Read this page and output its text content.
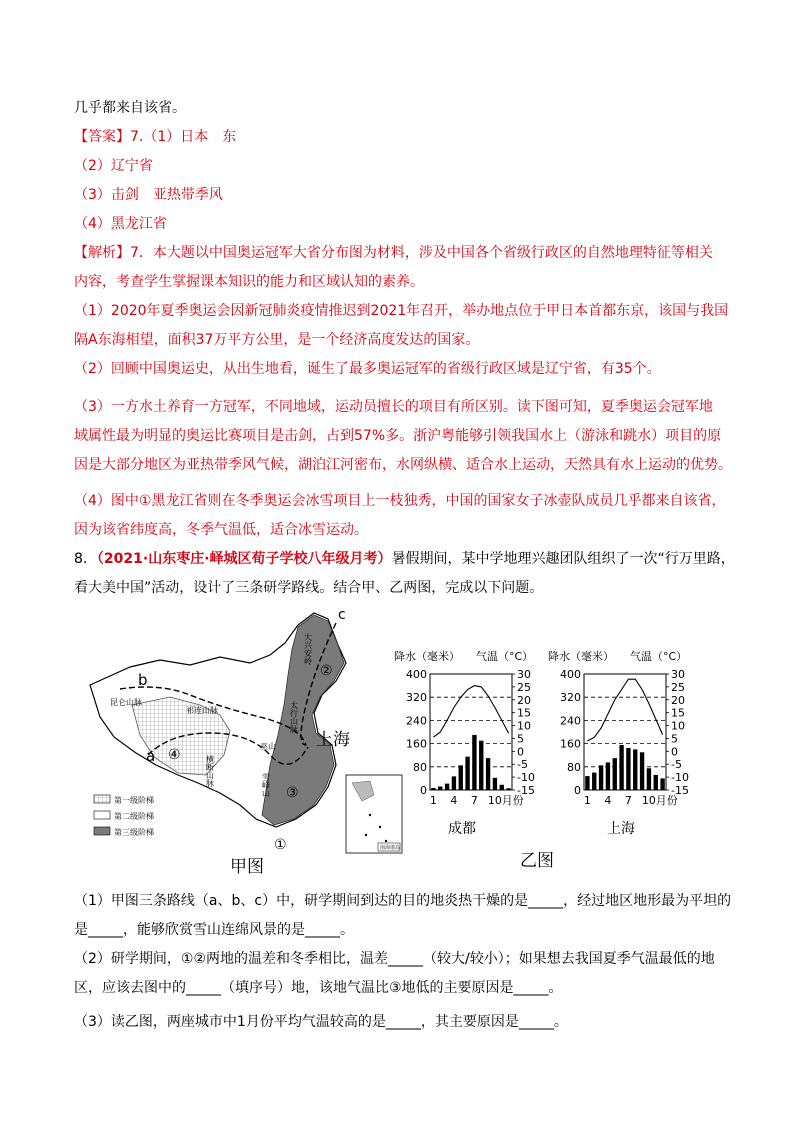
几乎都来自该省。
【答案】7.（1）日本　东
（2）辽宁省
（3）击剑　亚热带季风
（4）黑龙江省
【解析】7．本大题以中国奥运冠军大省分布图为材料，涉及中国各个省级行政区的自然地理特征等相关
内容，考查学生掌握课本知识的能力和区域认知的素养。
（1）2020年夏季奥运会因新冠肺炎疫情推迟到2021年召开，举办地点位于甲日本首都东京，该国与我国
隔A东海相望，面积37万平方公里，是一个经济高度发达的国家。
（2）回顾中国奥运史，从出生地看，诞生了最多奥运冠军的省级行政区域是辽宁省，有35个。
（3）一方水土养育一方冠军，不同地域，运动员擅长的项目有所区别。读下图可知，夏季奥运会冠军地
域属性最为明显的奥运比赛项目是击剑，占到57%多。浙沪粤能够引领我国水上（游泳和跳水）项目的原
因是大部分地区为亚热带季风气候，湖泊江河密布，水网纵横、适合水上运动，天然具有水上运动的优势。
（4）图中①黑龙江省则在冬季奥运会冰雪项目上一枝独秀，中国的国家女子冰壶队成员几乎都来自该省，
因为该省纬度高，冬季气温低，适合冰雪运动。
8．（2021·山东枣庄·峄城区荀子学校八年级月考）暑假期间，某中学地理兴趣团队组织了一次“行万里路，
看大美中国”活动，设计了三条研学路线。结合甲、乙两图，完成以下问题。
b
a
c
①
②
③
④
上海
祁连山脉	太行山脉
大兴安岭
巫山
雪峰山
昆仑山脉
横断山脉
第一级阶梯
第二级阶梯
第三级阶梯
南海诸岛
甲图
降水（毫米） 气温（°C）
400
320
240
160
80
0
30
25
20
15
10
5
0
-5
-10
-15
1 4 7 10 月份
降水（毫米） 气温（°C）
400
320
240
160
80
0
30
25
20
15
10
5
0
-5
-10
-15
1 4 7 10 月份
成都	上海
乙图
（1）甲图三条路线（a、b、c）中，研学期间到达的目的地炎热干燥的是_____，经过地区地形最为平坦的
是_____，能够欣赏雪山连绵风景的是_____。
（2）研学期间，①②两地的温差和冬季相比，温差_____（较大/较小）；如果想去我国夏季气温最低的地
区，应该去图中的_____（填序号）地，该地气温比③地低的主要原因是_____。
（3）读乙图，两座城市中1月份平均气温较高的是_____，其主要原因是_____。
